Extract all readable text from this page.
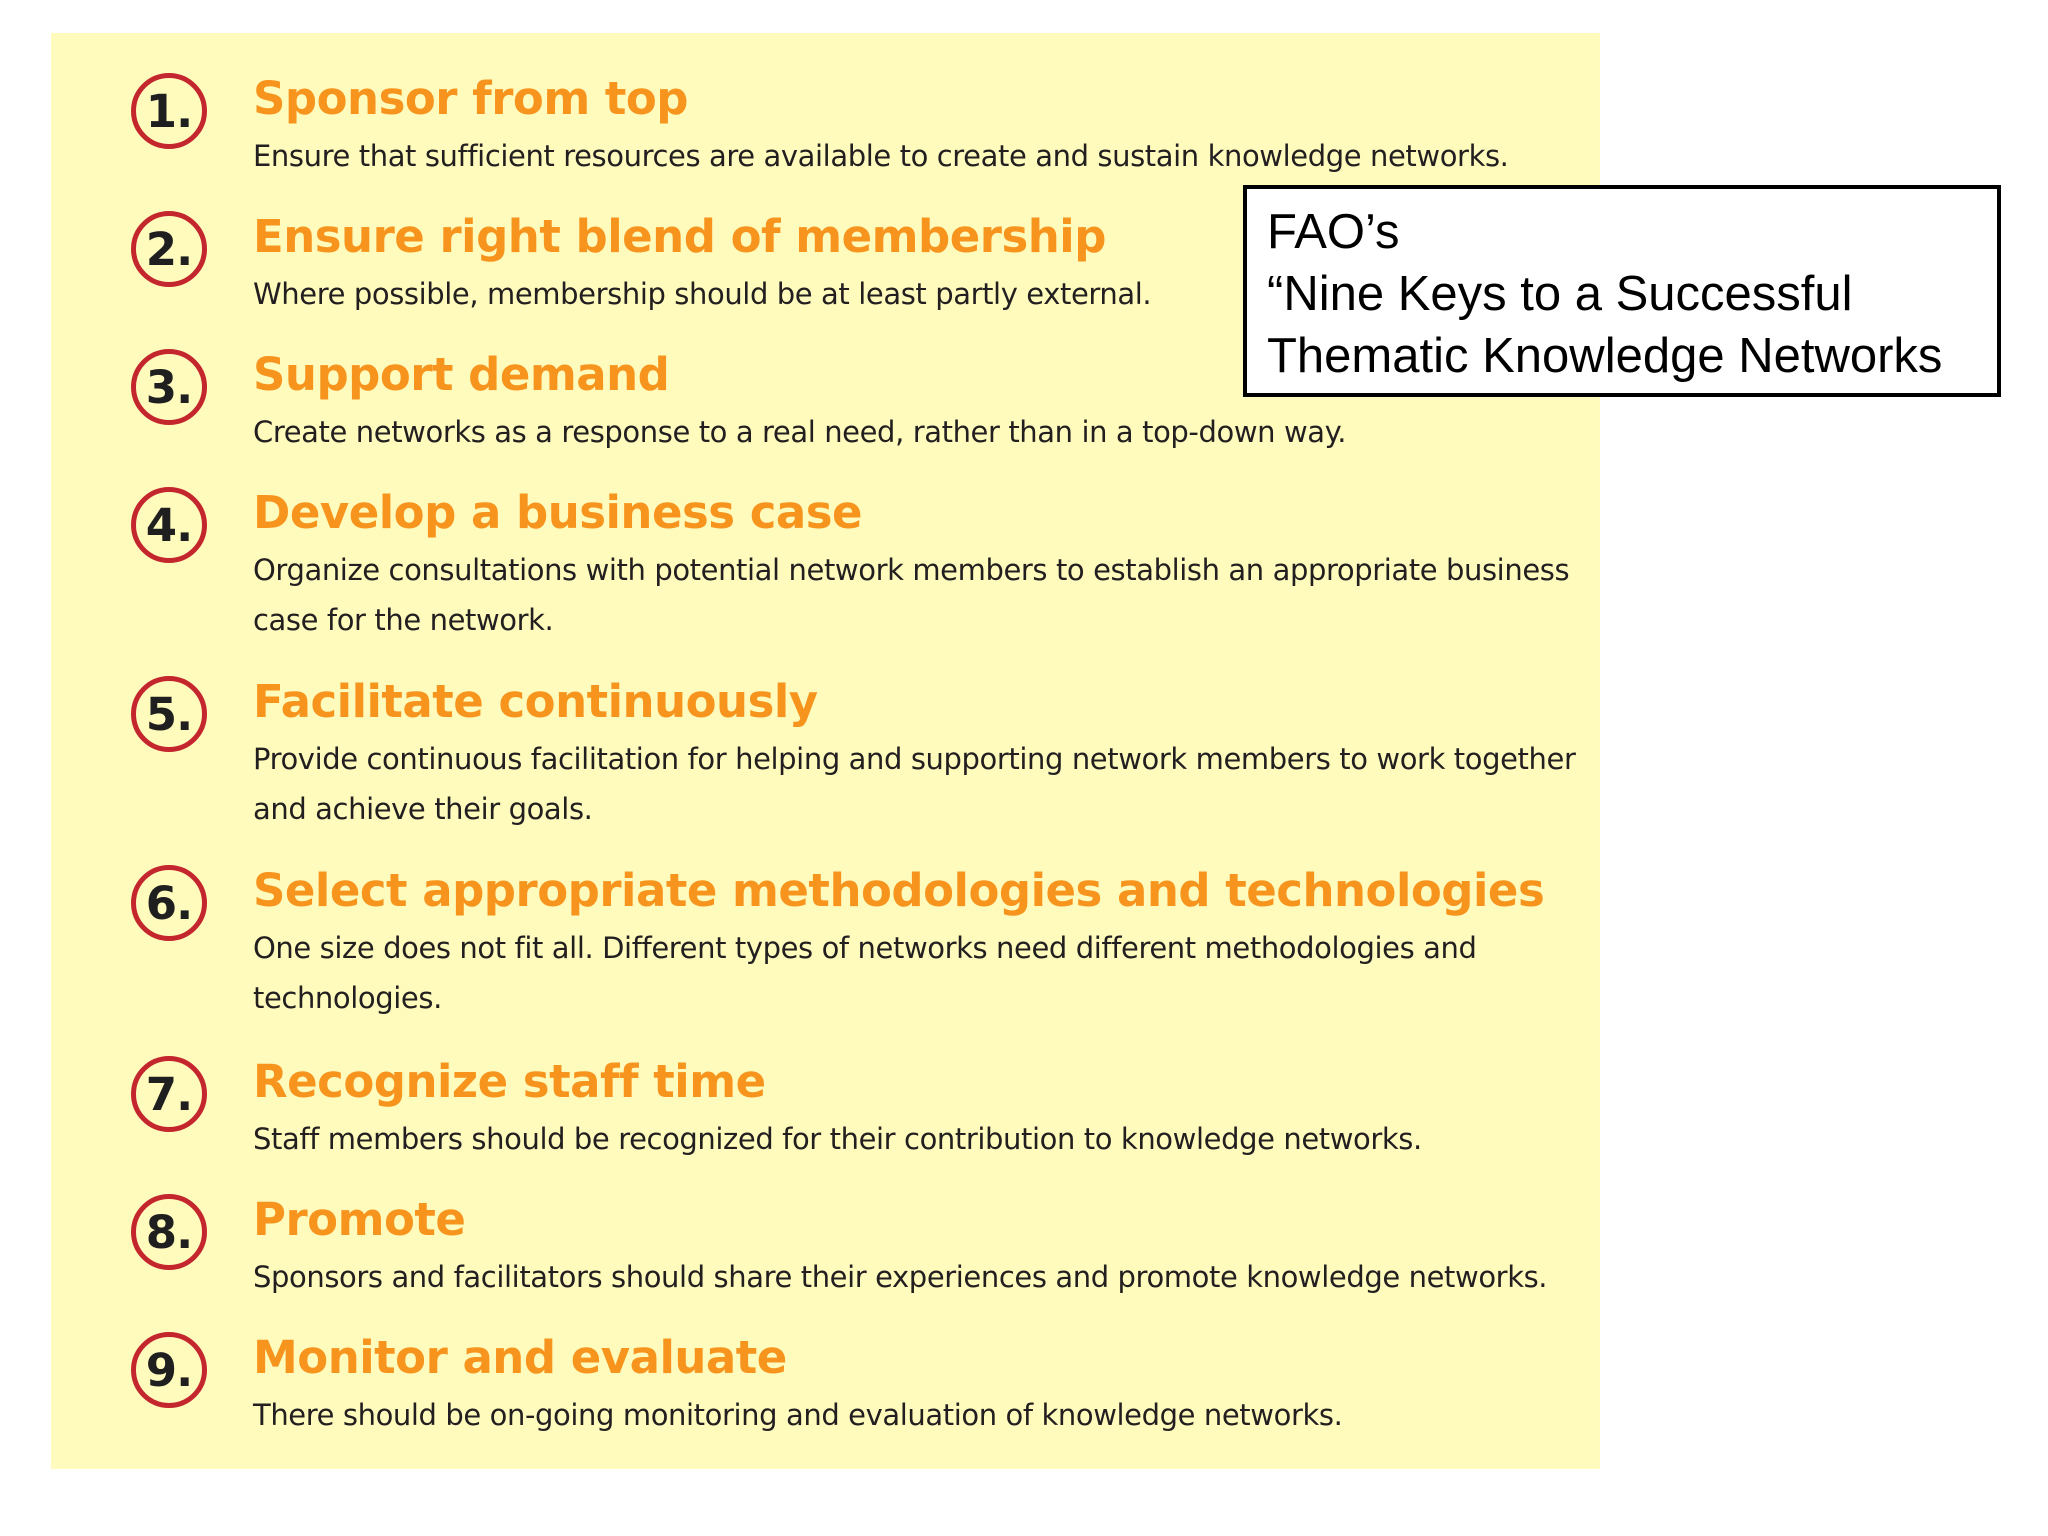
1. Sponsor from top

Ensure that sufficient resources are available to create and sustain knowledge networks.

2. Ensure right blend of membership

Where possible, membership should be at least partly external.

3. Support demand

Create networks as a response to a real need, rather than in a top-down way.

4. Develop a business case

Organize consultations with potential network members to establish an appropriate business case for the network.

5. Facilitate continuously

Provide continuous facilitation for helping and supporting network members to work together and achieve their goals.

6. Select appropriate methodologies and technologies

One size does not fit all. Different types of networks need different methodologies and technologies.

7. Recognize staff time

Staff members should be recognized for their contribution to knowledge networks.

8. Promote

Sponsors and facilitators should share their experiences and promote knowledge networks.

9. Monitor and evaluate

There should be on-going monitoring and evaluation of knowledge networks.

FAO’s
“Nine Keys to a Successful
Thematic Knowledge Networks
